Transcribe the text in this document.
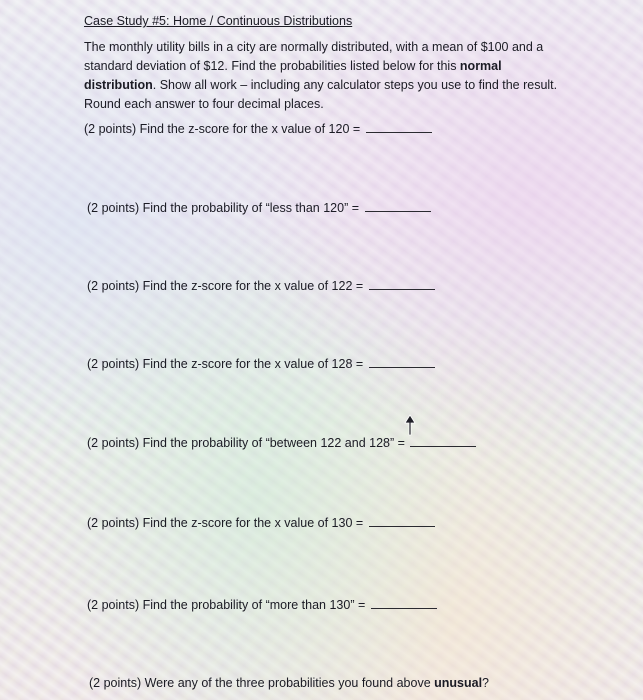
Case Study #5: Home / Continuous Distributions

The monthly utility bills in a city are normally distributed, with a mean of $100 and a standard deviation of $12. Find the probabilities listed below for this normal distribution. Show all work – including any calculator steps you use to find the result. Round each answer to four decimal places.

(2 points) Find the z-score for the x value of 120 =
(2 points) Find the probability of “less than 120” =
(2 points) Find the z-score for the x value of 122 =
(2 points) Find the z-score for the x value of 128 =
(2 points) Find the probability of “between 122 and 128” =
(2 points) Find the z-score for the x value of 130 =
(2 points) Find the probability of “more than 130” =
(2 points) Were any of the three probabilities you found above unusual?
